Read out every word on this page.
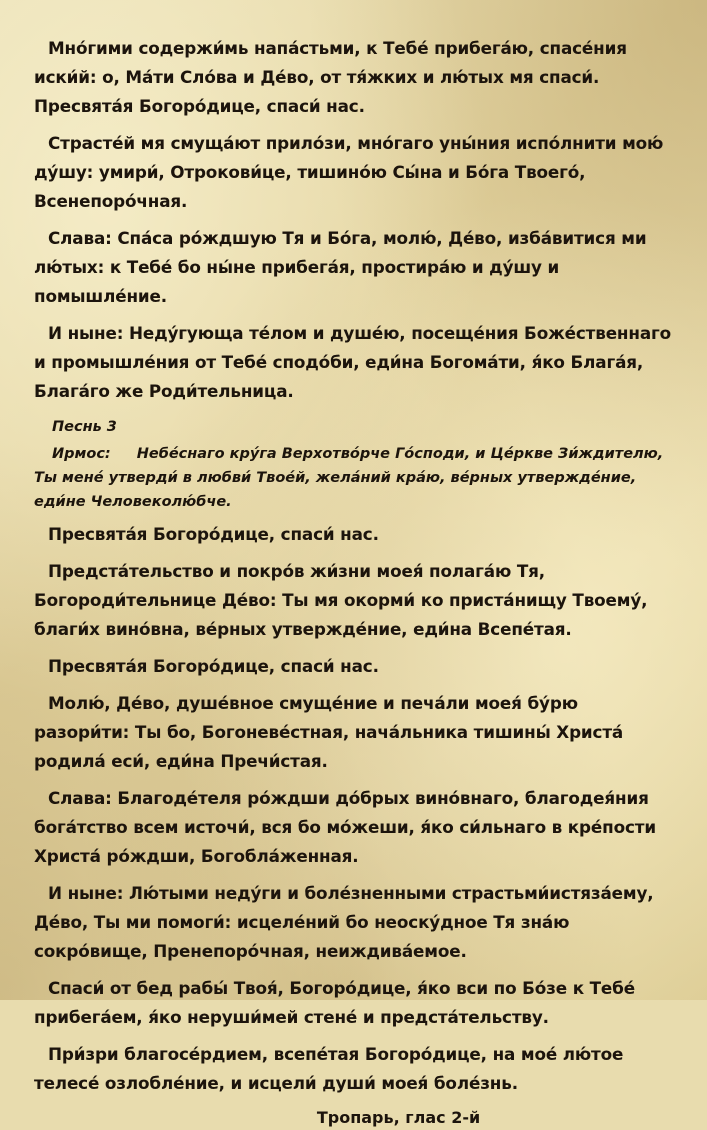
Мно́гими содержи́мь напа́стьми, к Тебе́ прибега́ю, спасе́ния иски́й: о, Ма́ти Сло́ва и Де́во, от тя́жких и лю́тых мя спаси́. Пресвята́я Богоро́дице, спаси́ нас.

Страсте́й мя смуща́ют прило́зи, мно́гаго уны́ния испо́лнити мою́ ду́шу: умири́, Отрокови́це, тишино́ю Сы́на и Бо́га Твоего́, Всенепоро́чная.

Слава: Спа́са ро́ждшую Тя и Бо́га, молю́, Де́во, изба́витися ми лю́тых: к Тебе́ бо ны́не прибега́я, простира́ю и ду́шу и помышле́ние.

И ныне: Неду́гующа те́лом и душе́ю, посеще́ния Боже́ственнаго и промышле́ния от Тебе́ сподо́би, еди́на Богома́ти, я́ко Блага́я, Блага́го же Роди́тельница.

Песнь 3
Ирмос: Небе́снаго кру́га Верхотво́рче Го́споди, и Це́ркве Зи́ждителю, Ты мене́ утверди́ в любви́ Твое́й, жела́ний кра́ю, ве́рных утвержде́ние, еди́не Человеколю́бче.

Пресвята́я Богоро́дице, спаси́ нас.

Предста́тельство и покро́в жи́зни моея́ полага́ю Тя, Богороди́тельнице Де́во: Ты мя окорми́ ко приста́нищу Твоему́, благи́х вино́вна, ве́рных утвержде́ние, еди́на Всепе́тая.

Пресвята́я Богоро́дице, спаси́ нас.

Молю́, Де́во, душе́вное смуще́ние и печа́ли моея́ бу́рю разори́ти: Ты бо, Богоневе́стная, нача́льника тишины́ Христа́ родила́ еси́, еди́на Пречи́стая.

Слава: Благоде́теля ро́ждши до́брых вино́внаго, благодея́ния бога́тство всем источи́, вся бо мо́жеши, я́ко си́льнаго в кре́пости Христа́ ро́ждши, Богобла́женная.

И ныне: Лю́тыми неду́ги и боле́зненными страстьми́истяза́ему, Де́во, Ты ми помоги́: исцеле́ний бо неоску́дное Тя зна́ю сокро́вище, Пренепоро́чная, неиждива́емое.

Спаси́ от бед рабы́ Твоя́, Богоро́дице, я́ко вси по Бо́зе к Тебе́ прибега́ем, я́ко неруши́мей стене́ и предста́тельству.

При́зри благосе́рдием, всепе́тая Богоро́дице, на мое́ лю́тое телесе́ озлобле́ние, и исцели́ души́ моея́ боле́знь.

Тропарь, глас 2-й
